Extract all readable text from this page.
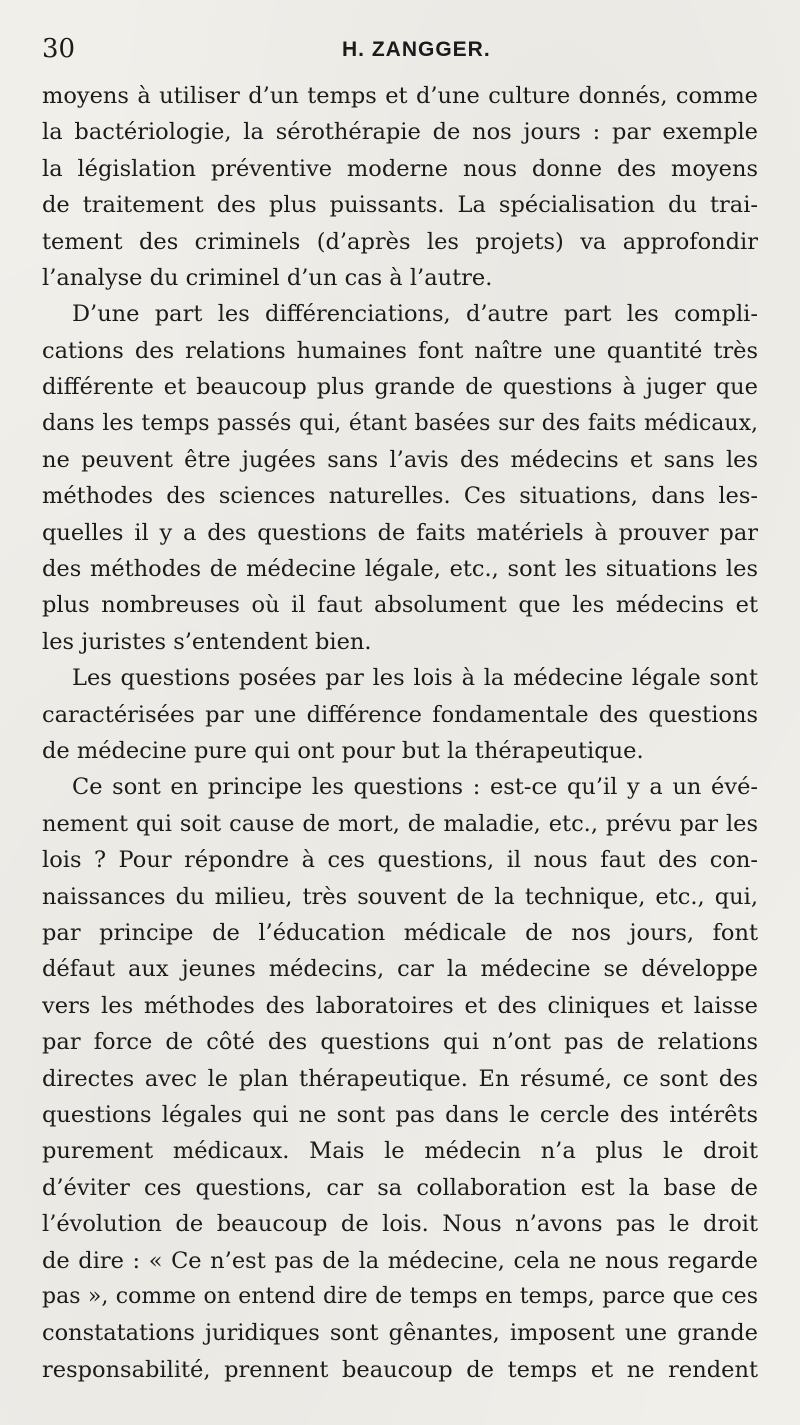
30	H. ZANGGER.
moyens à utiliser d’un temps et d’une culture donnés, comme
la bactériologie, la sérothérapie de nos jours : par exemple
la législation préventive moderne nous donne des moyens
de traitement des plus puissants. La spécialisation du trai-
tement des criminels (d’après les projets) va approfondir
l’analyse du criminel d’un cas à l’autre.
D’une part les différenciations, d’autre part les compli-
cations des relations humaines font naître une quantité très
différente et beaucoup plus grande de questions à juger que
dans les temps passés qui, étant basées sur des faits médicaux,
ne peuvent être jugées sans l’avis des médecins et sans les
méthodes des sciences naturelles. Ces situations, dans les-
quelles il y a des questions de faits matériels à prouver par
des méthodes de médecine légale, etc., sont les situations les
plus nombreuses où il faut absolument que les médecins et
les juristes s’entendent bien.
Les questions posées par les lois à la médecine légale sont
caractérisées par une différence fondamentale des questions
de médecine pure qui ont pour but la thérapeutique.
Ce sont en principe les questions : est-ce qu’il y a un évé-
nement qui soit cause de mort, de maladie, etc., prévu par les
lois ? Pour répondre à ces questions, il nous faut des con-
naissances du milieu, très souvent de la technique, etc., qui,
par principe de l’éducation médicale de nos jours, font
défaut aux jeunes médecins, car la médecine se développe
vers les méthodes des laboratoires et des cliniques et laisse
par force de côté des questions qui n’ont pas de relations
directes avec le plan thérapeutique. En résumé, ce sont des
questions légales qui ne sont pas dans le cercle des intérêts
purement médicaux. Mais le médecin n’a plus le droit
d’éviter ces questions, car sa collaboration est la base de
l’évolution de beaucoup de lois. Nous n’avons pas le droit
de dire : « Ce n’est pas de la médecine, cela ne nous regarde
pas », comme on entend dire de temps en temps, parce que ces
constatations juridiques sont gênantes, imposent une grande
responsabilité, prennent beaucoup de temps et ne rendent
